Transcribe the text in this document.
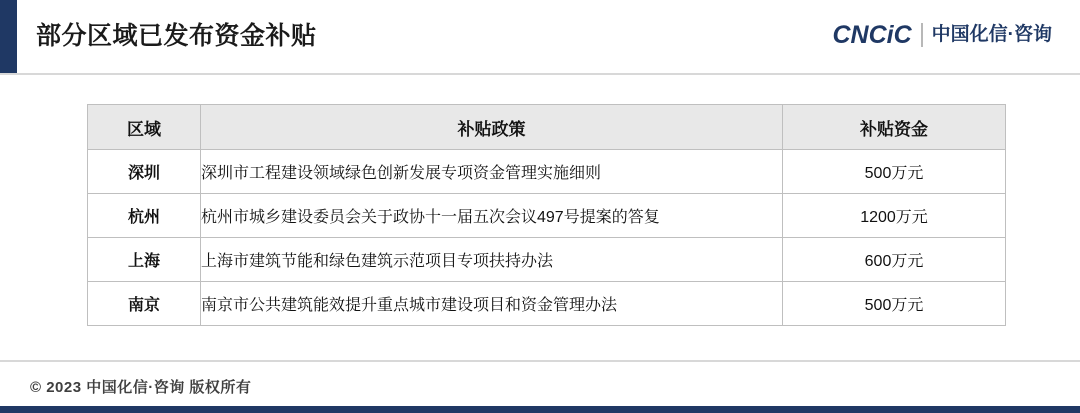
部分区域已发布资金补贴	CNCiC 中国化信·咨询
区域	补贴政策	补贴资金
深圳	深圳市工程建设领域绿色创新发展专项资金管理实施细则	500万元
杭州	杭州市城乡建设委员会关于政协十一届五次会议497号提案的答复	1200万元
上海	上海市建筑节能和绿色建筑示范项目专项扶持办法	600万元
南京	南京市公共建筑能效提升重点城市建设项目和资金管理办法	500万元
© 2023 中国化信·咨询 版权所有
